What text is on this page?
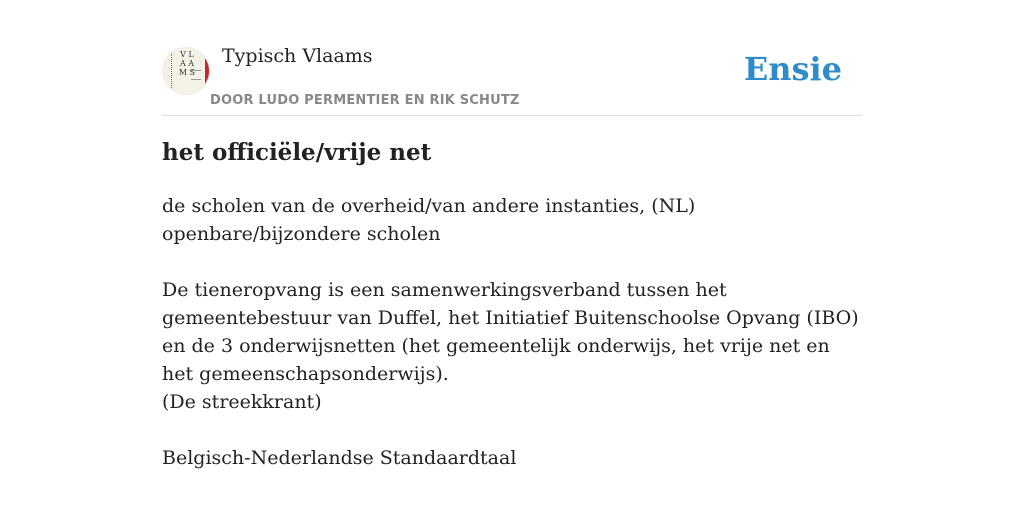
V L A A M S
Typisch Vlaams
DOOR LUDO PERMENTIER EN RIK SCHUTZ
Ensie
het officiële/vrije net

de scholen van de overheid/van andere instanties, (NL) openbare/bijzondere scholen

De tieneropvang is een samenwerkingsverband tussen het gemeentebestuur van Duffel, het Initiatief Buitenschoolse Opvang (IBO) en de 3 onderwijsnetten (het gemeentelijk onderwijs, het vrije net en het gemeenschapsonderwijs).

(De streekkrant)

Belgisch-Nederlandse Standaardtaal
